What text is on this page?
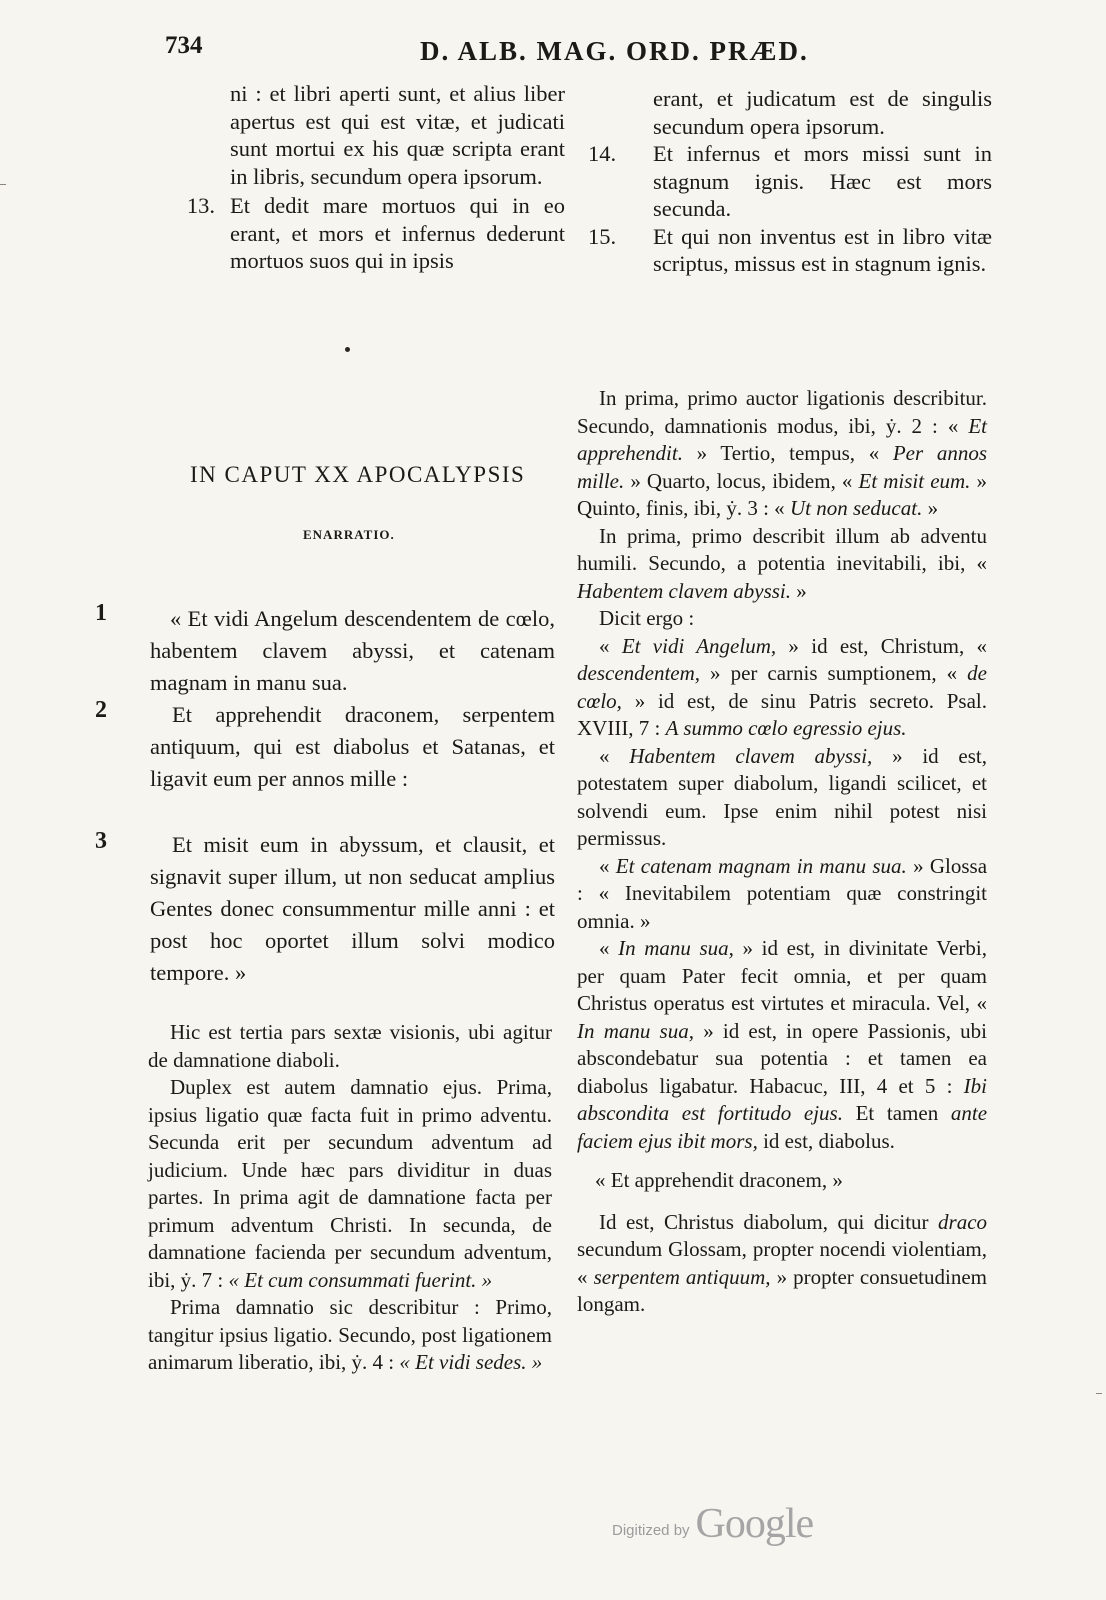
734	D. ALB. MAG. ORD. PRÆD.
ni : et libri aperti sunt, et alius liber apertus est qui est vitæ, et judicati sunt mortui ex his quæ scripta erant in libris, secundum opera ipsorum.
13. Et dedit mare mortuos qui in eo erant, et mors et infernus dederunt mortuos suos qui in ipsis
erant, et judicatum est de singulis secundum opera ipsorum.
14.	Et infernus et mors missi sunt in stagnum ignis. Hæc est mors secunda.
15.	Et qui non inventus est in libro vitæ scriptus, missus est in stagnum ignis.
IN CAPUT XX APOCALYPSIS
ENARRATIO.
1	« Et vidi Angelum descendentem de cœlo, habentem clavem abyssi, et catenam magnam in manu sua.
2	Et apprehendit draconem, serpentem antiquum, qui est diabolus et Satanas, et ligavit eum per annos mille :
3	Et misit eum in abyssum, et clausit, et signavit super illum, ut non seducat amplius Gentes donec consummentur mille anni : et post hoc oportet illum solvi modico tempore. »

Hic est tertia pars sextæ visionis, ubi agitur de damnatione diaboli.

Duplex est autem damnatio ejus. Prima, ipsius ligatio quæ facta fuit in primo adventu. Secunda erit per secundum adventum ad judicium. Unde hæc pars dividitur in duas partes. In prima agit de damnatione facta per primum adventum Christi. In secunda, de damnatione facienda per secundum adventum, ibi, ẏ. 7 : « Et cum consummati fuerint. »

Prima damnatio sic describitur : Primo, tangitur ipsius ligatio. Secundo, post ligationem animarum liberatio, ibi, ẏ. 4 : « Et vidi sedes. »

In prima, primo auctor ligationis describitur. Secundo, damnationis modus, ibi, ẏ. 2 : « Et apprehendit. » Tertio, tempus, « Per annos mille. » Quarto, locus, ibidem, « Et misit eum. » Quinto, finis, ibi, ẏ. 3 : « Ut non seducat. »

In prima, primo describit illum ab adventu humili. Secundo, a potentia inevitabili, ibi, « Habentem clavem abyssi. »

Dicit ergo :

« Et vidi Angelum, » id est, Christum, « descendentem, » per carnis sumptionem, « de cœlo, » id est, de sinu Patris secreto. Psal. XVIII, 7 : A summo cœlo egressio ejus.

« Habentem clavem abyssi, » id est, potestatem super diabolum, ligandi scilicet, et solvendi eum. Ipse enim nihil potest nisi permissus.

« Et catenam magnam in manu sua. » Glossa : « Inevitabilem potentiam quæ constringit omnia. »

« In manu sua, » id est, in divinitate Verbi, per quam Pater fecit omnia, et per quam Christus operatus est virtutes et miracula. Vel, « In manu sua, » id est, in opere Passionis, ubi abscondebatur sua potentia : et tamen ea diabolus ligabatur. Habacuc, III, 4 et 5 : Ibi abscondita est fortitudo ejus. Et tamen ante faciem ejus ibit mors, id est, diabolus.

« Et apprehendit draconem, »

Id est, Christus diabolum, qui dicitur draco secundum Glossam, propter nocendi violentiam, « serpentem antiquum, » propter consuetudinem longam.

Digitized by Google
